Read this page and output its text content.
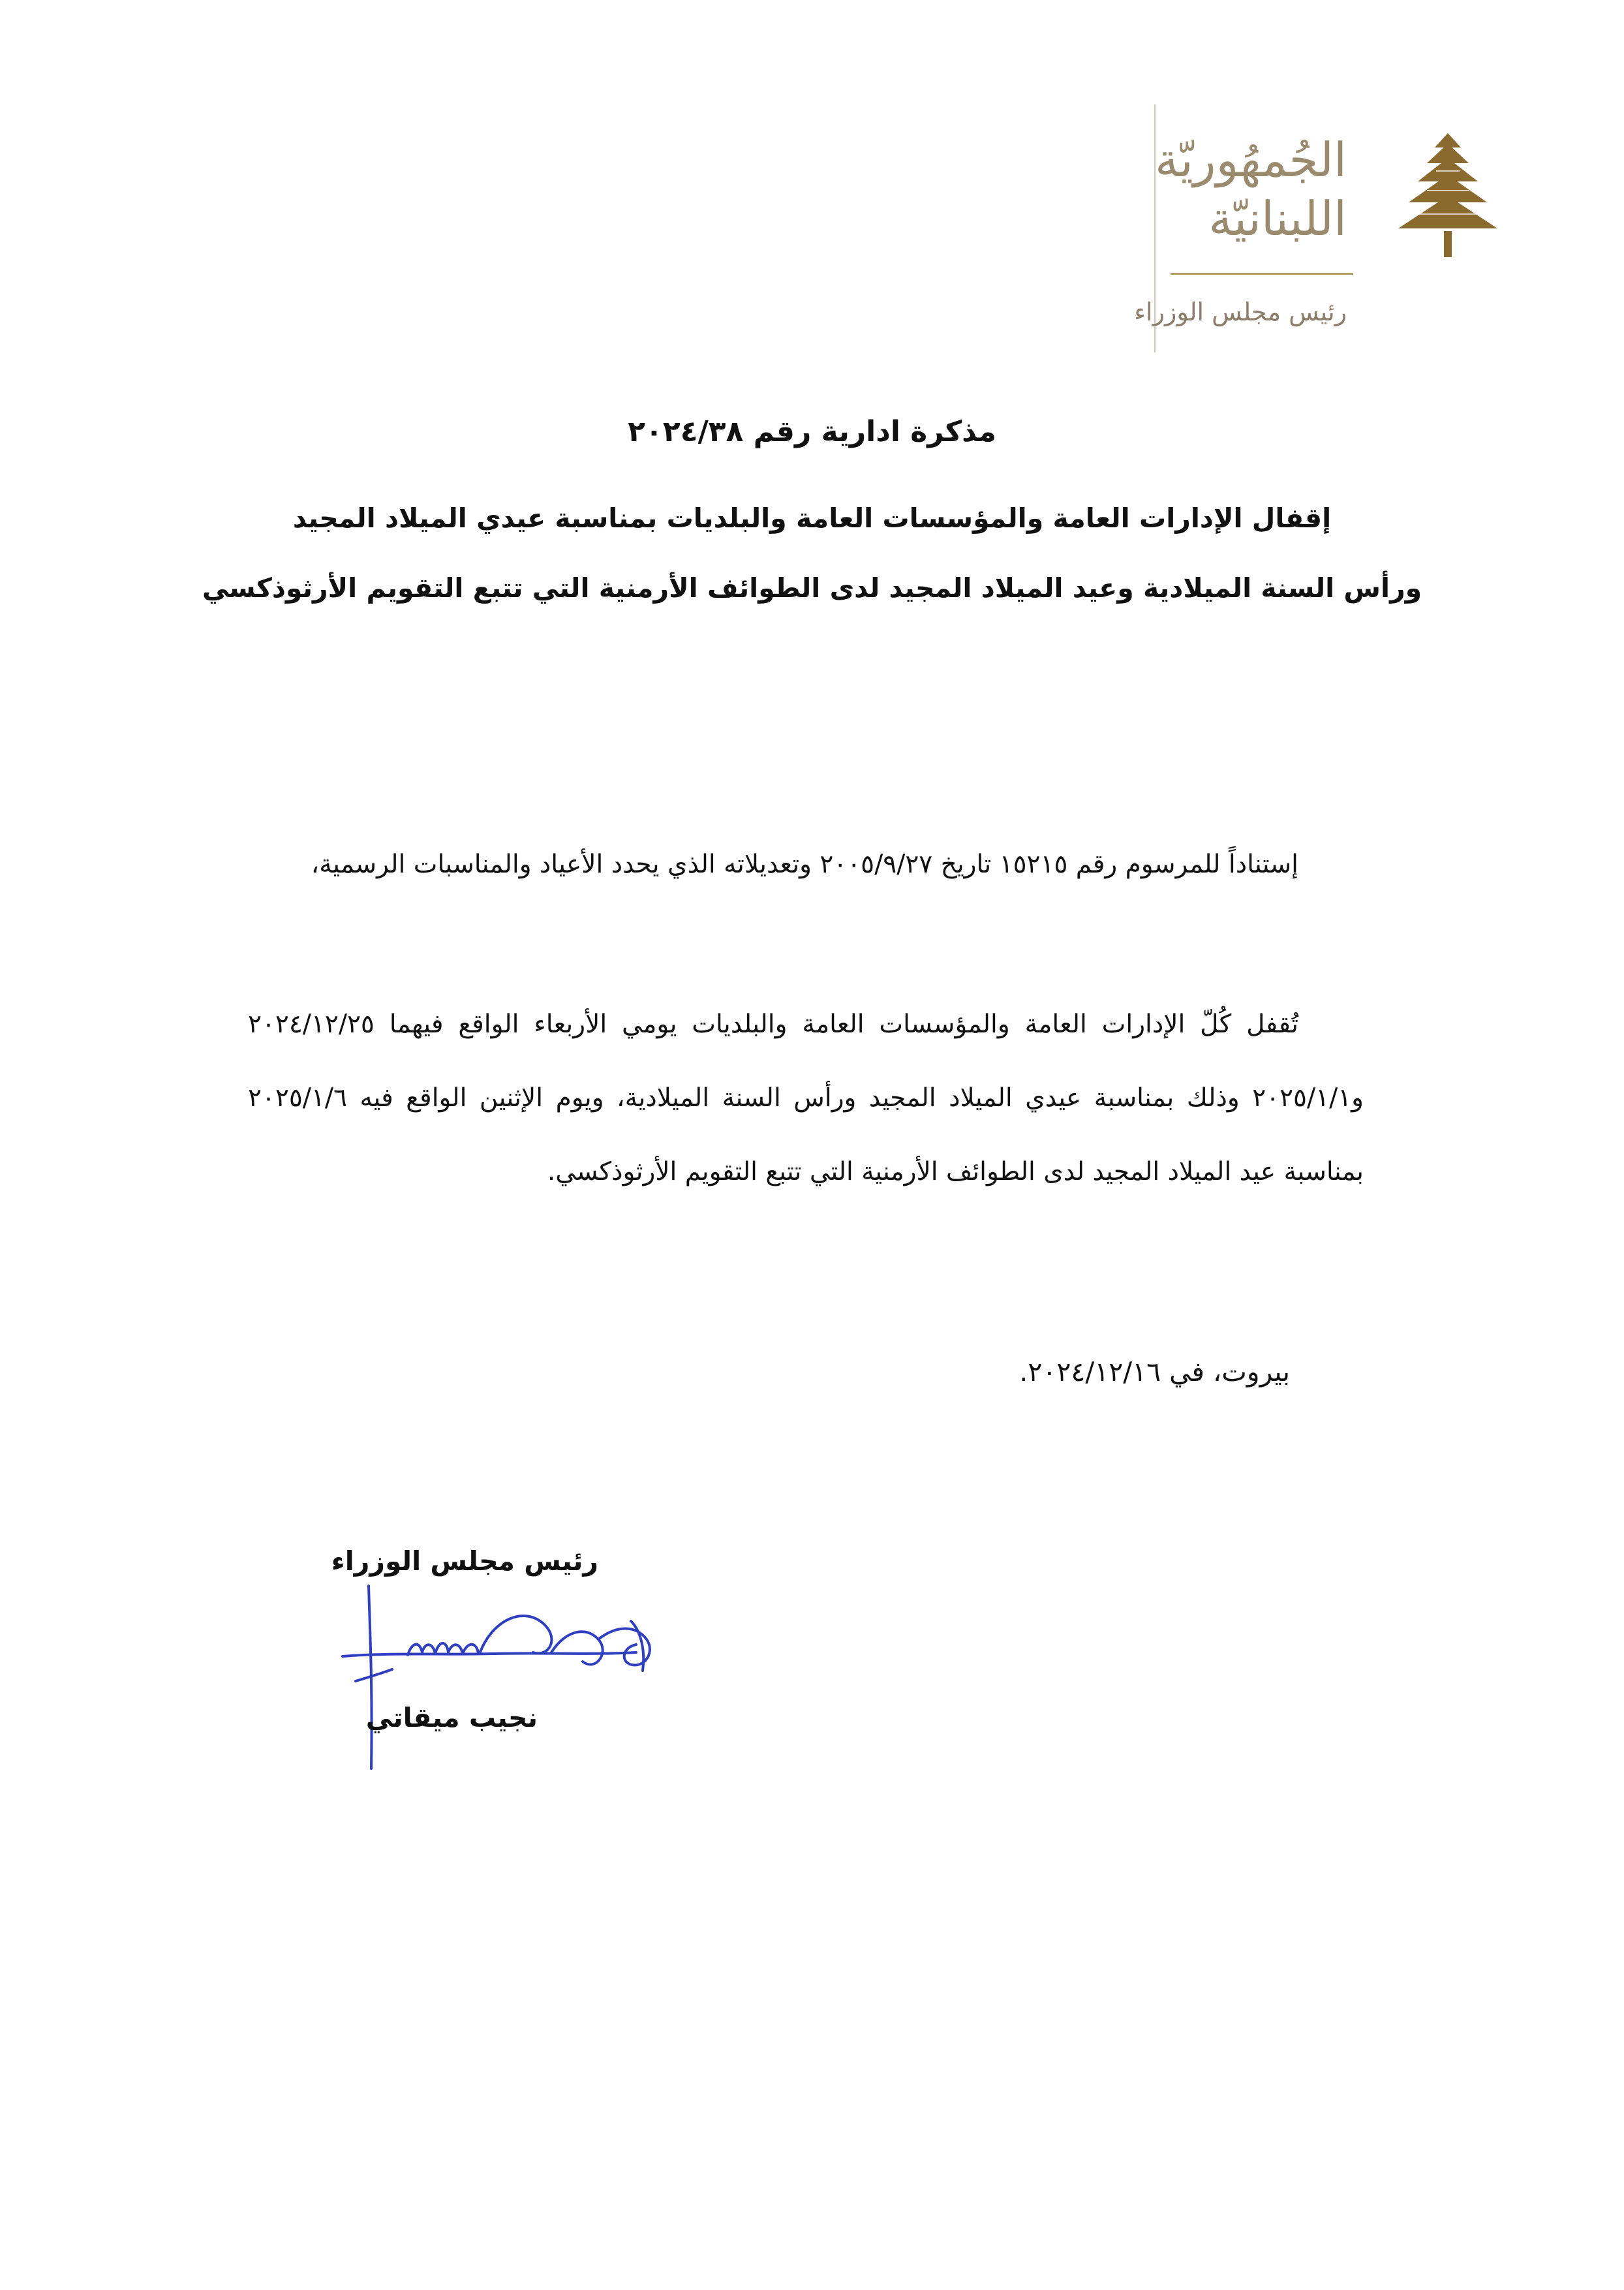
الجُمهُوريّة
اللبنانيّة
رئيس مجلس الوزراء
مذكرة ادارية رقم ٢٠٢٤/٣٨
إقفال الإدارات العامة والمؤسسات العامة والبلديات بمناسبة عيدي الميلاد المجيد
ورأس السنة الميلادية وعيد الميلاد المجيد لدى الطوائف الأرمنية التي تتبع التقويم الأرثوذكسي
إستناداً للمرسوم رقم ١٥٢١٥ تاريخ ٢٠٠٥/٩/٢٧ وتعديلاته الذي يحدد الأعياد والمناسبات الرسمية،
تُقفل كُلّ الإدارات العامة والمؤسسات العامة والبلديات يومي الأربعاء الواقع فيهما ٢٠٢٤/١٢/٢٥ و٢٠٢٥/١/١ وذلك بمناسبة عيدي الميلاد المجيد ورأس السنة الميلادية، ويوم الإثنين الواقع فيه ٢٠٢٥/١/٦ بمناسبة عيد الميلاد المجيد لدى الطوائف الأرمنية التي تتبع التقويم الأرثوذكسي.
بيروت، في ٢٠٢٤/١٢/١٦.
رئيس مجلس الوزراء
نجيب ميقاتي
